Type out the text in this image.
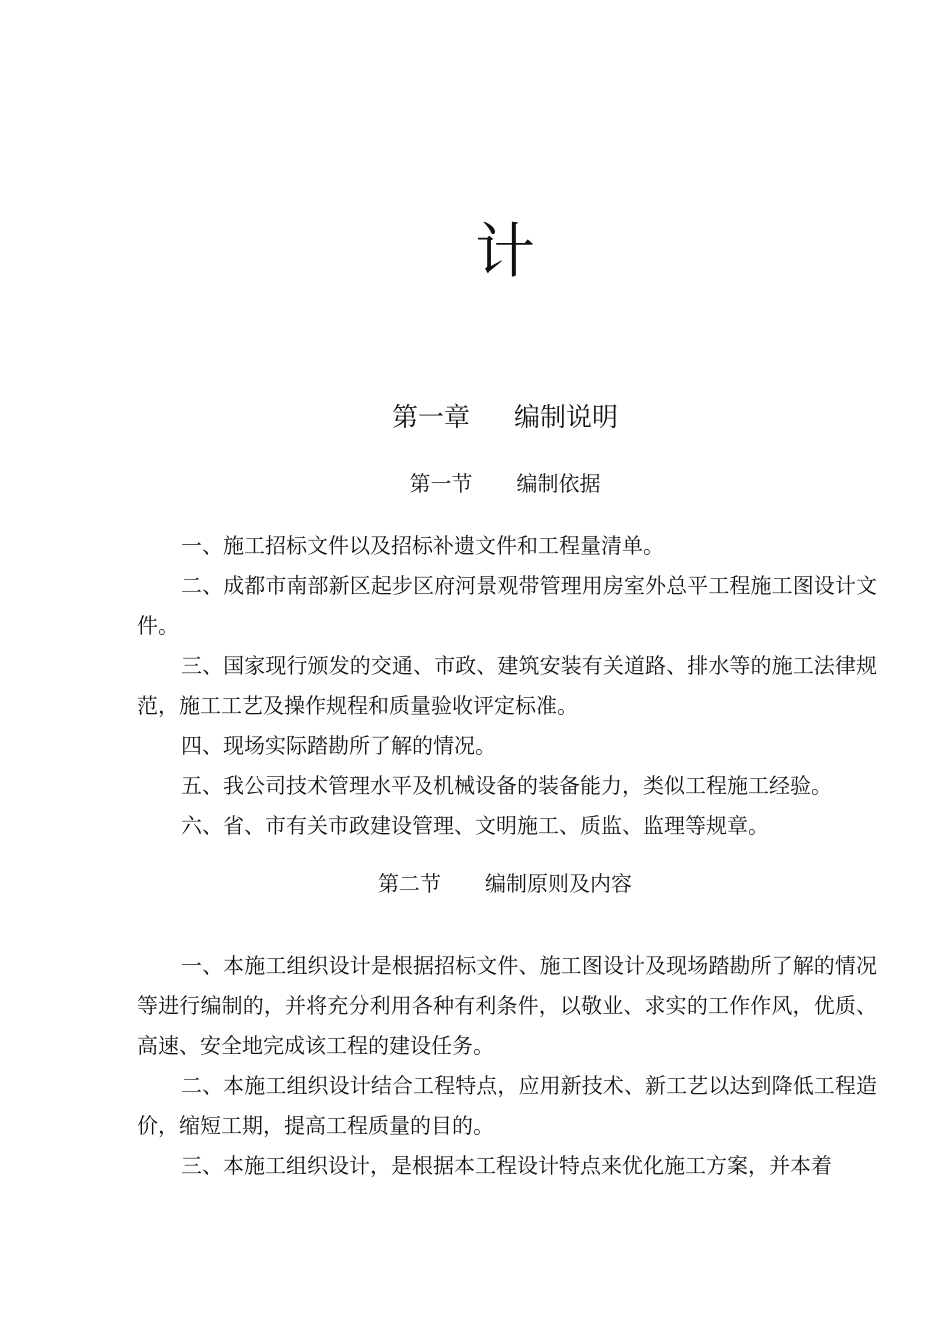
计
第一章 编制说明
第一节 编制依据

一、施工招标文件以及招标补遗文件和工程量清单。

二、成都市南部新区起步区府河景观带管理用房室外总平工程施工图设计文件。

三、国家现行颁发的交通、市政、建筑安装有关道路、排水等的施工法律规范，施工工艺及操作规程和质量验收评定标准。

四、现场实际踏勘所了解的情况。

五、我公司技术管理水平及机械设备的装备能力，类似工程施工经验。

六、省、市有关市政建设管理、文明施工、质监、监理等规章。

第二节 编制原则及内容

一、本施工组织设计是根据招标文件、施工图设计及现场踏勘所了解的情况等进行编制的，并将充分利用各种有利条件，以敬业、求实的工作作风，优质、高速、安全地完成该工程的建设任务。

二、本施工组织设计结合工程特点，应用新技术、新工艺以达到降低工程造价，缩短工期，提高工程质量的目的。

三、本施工组织设计，是根据本工程设计特点来优化施工方案，并本着
